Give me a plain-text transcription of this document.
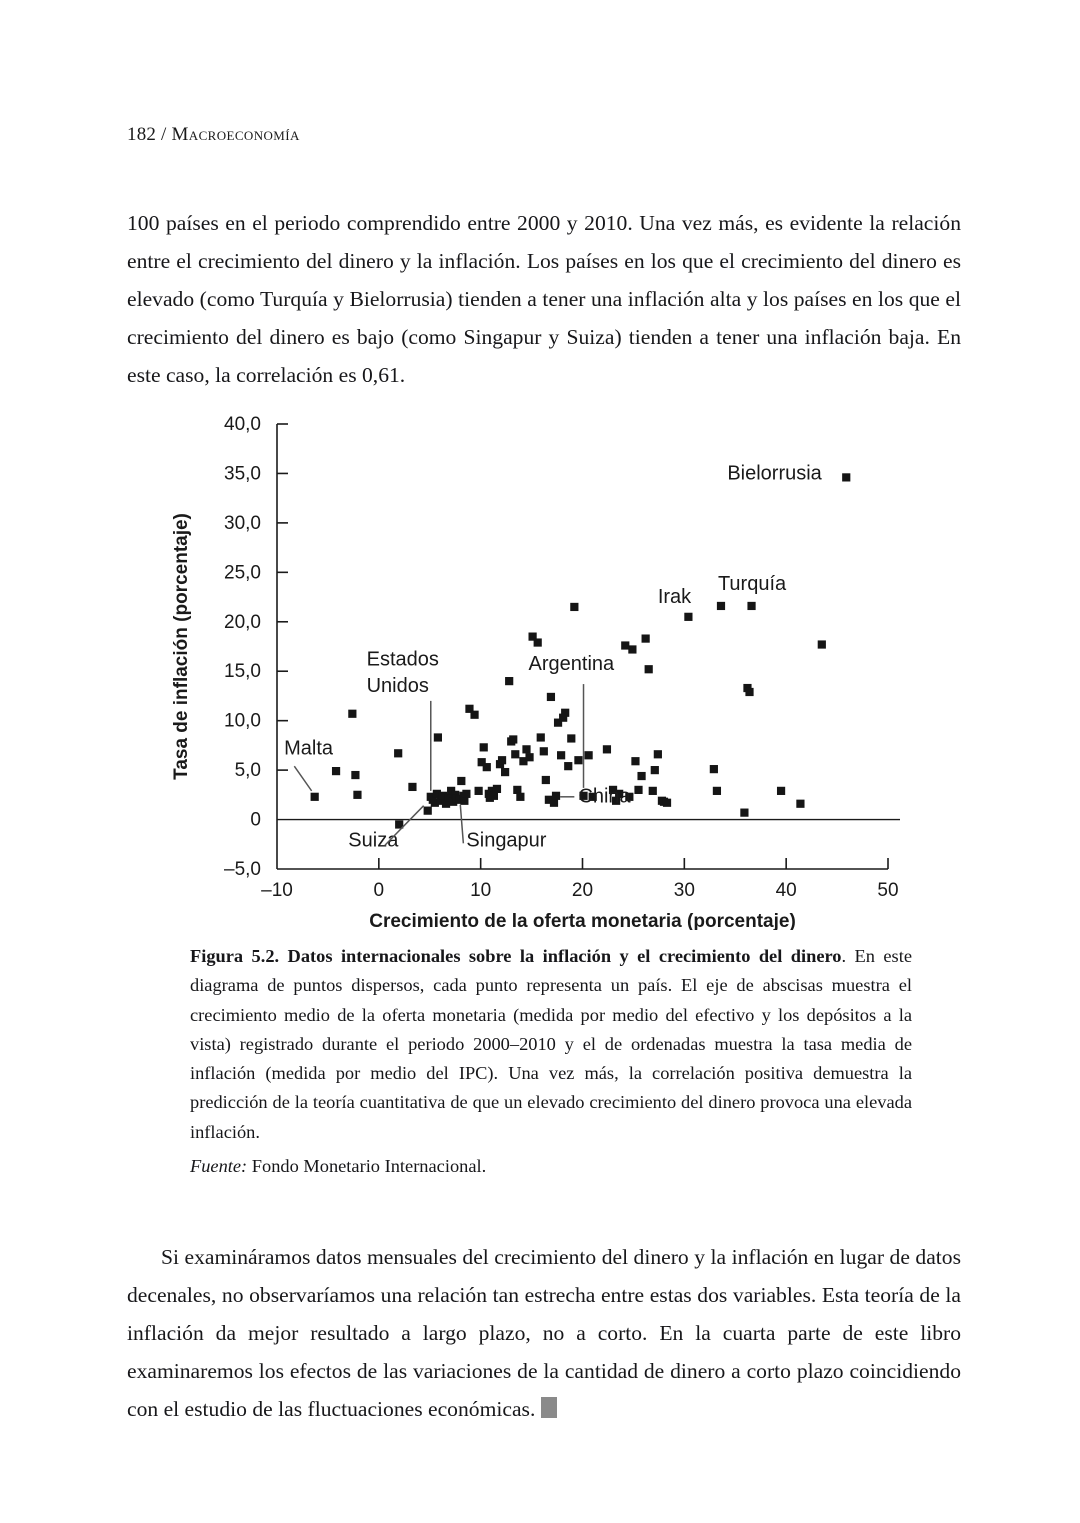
182 / Macroeconomía

100 países en el periodo comprendido entre 2000 y 2010. Una vez más, es evidente la relación entre el crecimiento del dinero y la inflación. Los países en los que el crecimiento del dinero es elevado (como Turquía y Bielorrusia) tienden a tener una inflación alta y los países en los que el crecimiento del dinero es bajo (como Singapur y Suiza) tienden a tener una inflación baja. En este caso, la correlación es 0,61.

–5,0
0
5,0
10,0
15,0
20,0
25,0
30,0
35,0
40,0
–10	0	10	20	30	40	50
Crecimiento de la oferta monetaria (porcentaje)
Tasa de inflación (porcentaje)	Malta
Suiza
Estados
Unidos
Singapur
China
Argentina
Irak
Turquía
Bielorrusia
Figura 5.2. Datos internacionales sobre la inflación y el crecimiento del dinero. En este diagrama de puntos dispersos, cada punto representa un país. El eje de abscisas muestra el crecimiento medio de la oferta monetaria (medida por medio del efectivo y los depósitos a la vista) registrado durante el periodo 2000–2010 y el de ordenadas muestra la tasa media de inflación (medida por medio del IPC). Una vez más, la correlación positiva demuestra la predicción de la teoría cuantitativa de que un elevado crecimiento del dinero provoca una elevada inflación.
Fuente: Fondo Monetario Internacional.

Si examináramos datos mensuales del crecimiento del dinero y la inflación en lugar de datos decenales, no observaríamos una relación tan estrecha entre estas dos variables. Esta teoría de la inflación da mejor resultado a largo plazo, no a corto. En la cuarta parte de este libro examinaremos los efectos de las variaciones de la cantidad de dinero a corto plazo coincidiendo con el estudio de las fluctuaciones económicas.
